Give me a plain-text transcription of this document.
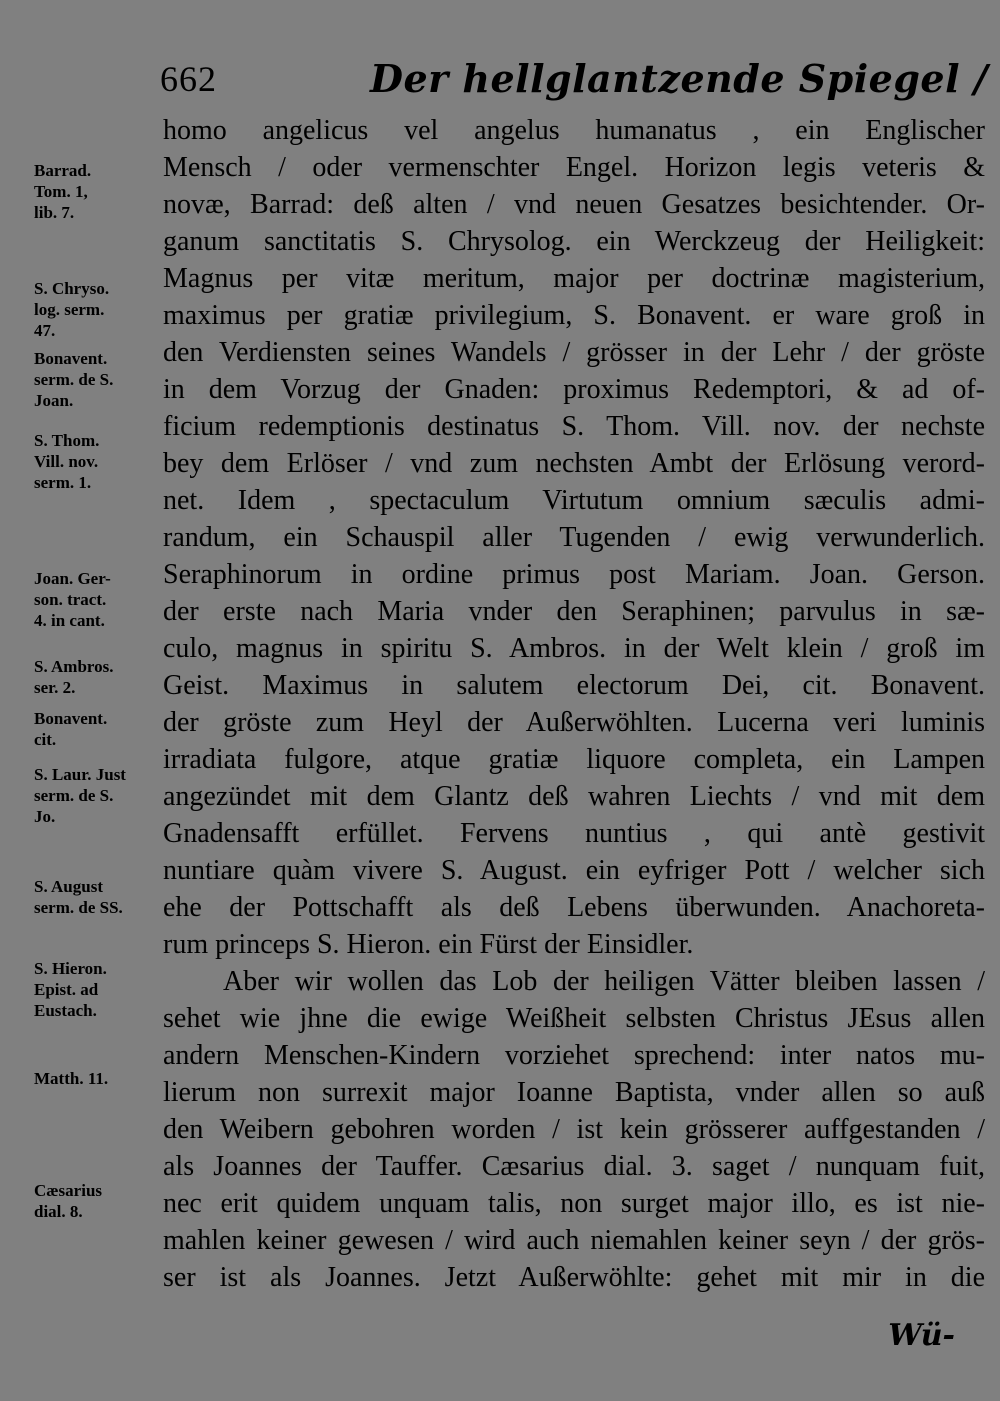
662	Der hellglantzende Spiegel /
Barrad.
Tom. 1,
lib. 7.
S. Chryso.
log. serm.
47.
Bonavent.
serm. de S.
Joan.
S. Thom.
Vill. nov.
serm. 1.
Joan. Ger-
son. tract.
4. in cant.
S. Ambros.
ser. 2.
Bonavent.
cit.
S. Laur. Just
serm. de S.
Jo.
S. August
serm. de SS.
S. Hieron.
Epist. ad
Eustach.
Matth. 11.
Cæsarius
dial. 8.
homo angelicus vel angelus humanatus , ein Englischer
Mensch / oder vermenschter Engel. Horizon legis veteris &
novæ, Barrad: deß alten / vnd neuen Gesatzes besichtender. Or-
ganum sanctitatis S. Chrysolog. ein Werckzeug der Heiligkeit:
Magnus per vitæ meritum, major per doctrinæ magisterium,
maximus per gratiæ privilegium, S. Bonavent. er ware groß in
den Verdiensten seines Wandels / grösser in der Lehr / der gröste
in dem Vorzug der Gnaden: proximus Redemptori, & ad of-
ficium redemptionis destinatus S. Thom. Vill. nov. der nechste
bey dem Erlöser / vnd zum nechsten Ambt der Erlösung verord-
net. Idem , spectaculum Virtutum omnium sæculis admi-
randum, ein Schauspil aller Tugenden / ewig verwunderlich.
Seraphinorum in ordine primus post Mariam. Joan. Gerson.
der erste nach Maria vnder den Seraphinen; parvulus in sæ-
culo, magnus in spiritu S. Ambros. in der Welt klein / groß im
Geist. Maximus in salutem electorum Dei, cit. Bonavent.
der gröste zum Heyl der Außerwöhlten. Lucerna veri luminis
irradiata fulgore, atque gratiæ liquore completa, ein Lampen
angezündet mit dem Glantz deß wahren Liechts / vnd mit dem
Gnadensafft erfüllet. Fervens nuntius , qui antè gestivit
nuntiare quàm vivere S. August. ein eyfriger Pott / welcher sich
ehe der Pottschafft als deß Lebens überwunden. Anachoreta-
rum princeps S. Hieron. ein Fürst der Einsidler.
Aber wir wollen das Lob der heiligen Vätter bleiben lassen /
sehet wie jhne die ewige Weißheit selbsten Christus JEsus allen
andern Menschen-Kindern vorziehet sprechend: inter natos mu-
lierum non surrexit major Ioanne Baptista, vnder allen so auß
den Weibern gebohren worden / ist kein grösserer auffgestanden /
als Joannes der Tauffer. Cæsarius dial. 3. saget / nunquam fuit,
nec erit quidem unquam talis, non surget major illo, es ist nie-
mahlen keiner gewesen / wird auch niemahlen keiner seyn / der grös-
ser ist als Joannes. Jetzt Außerwöhlte: gehet mit mir in die
Wü-
